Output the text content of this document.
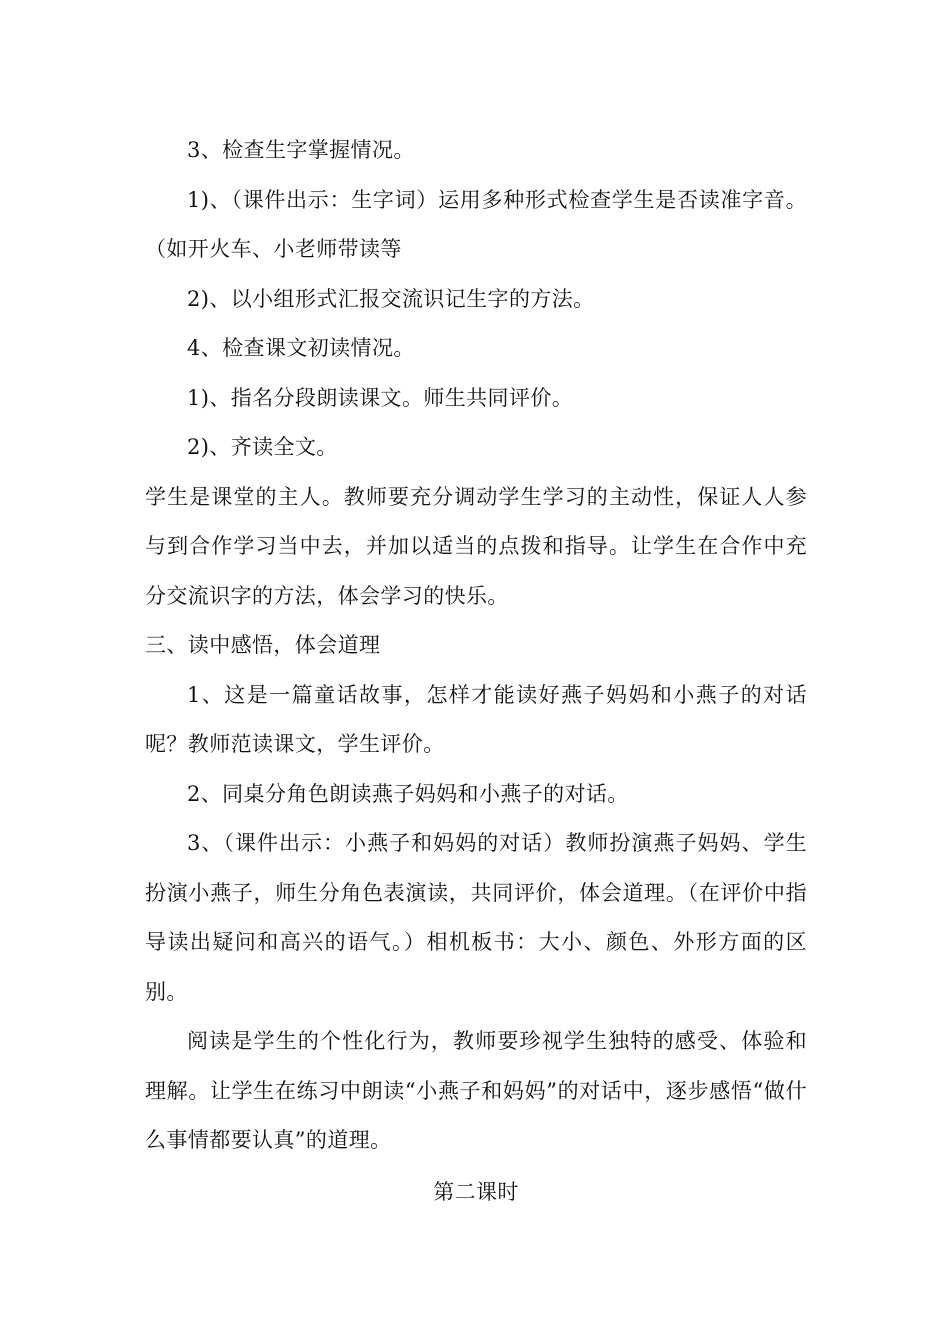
3、检查生字掌握情况。

1)、（课件出示：生字词）运用多种形式检查学生是否读准字音。（如开火车、小老师带读等

2)、以小组形式汇报交流识记生字的方法。

4、检查课文初读情况。

1)、指名分段朗读课文。师生共同评价。

2)、齐读全文。

学生是课堂的主人。教师要充分调动学生学习的主动性，保证人人参与到合作学习当中去，并加以适当的点拨和指导。让学生在合作中充分交流识字的方法，体会学习的快乐。

三、读中感悟，体会道理

1、这是一篇童话故事，怎样才能读好燕子妈妈和小燕子的对话呢？教师范读课文，学生评价。

2、同桌分角色朗读燕子妈妈和小燕子的对话。

3、（课件出示：小燕子和妈妈的对话）教师扮演燕子妈妈、学生扮演小燕子，师生分角色表演读，共同评价，体会道理。（在评价中指导读出疑问和高兴的语气。）相机板书：大小、颜色、外形方面的区别。

阅读是学生的个性化行为，教师要珍视学生独特的感受、体验和理解。让学生在练习中朗读“小燕子和妈妈”的对话中，逐步感悟“做什么事情都要认真”的道理。

第二课时
